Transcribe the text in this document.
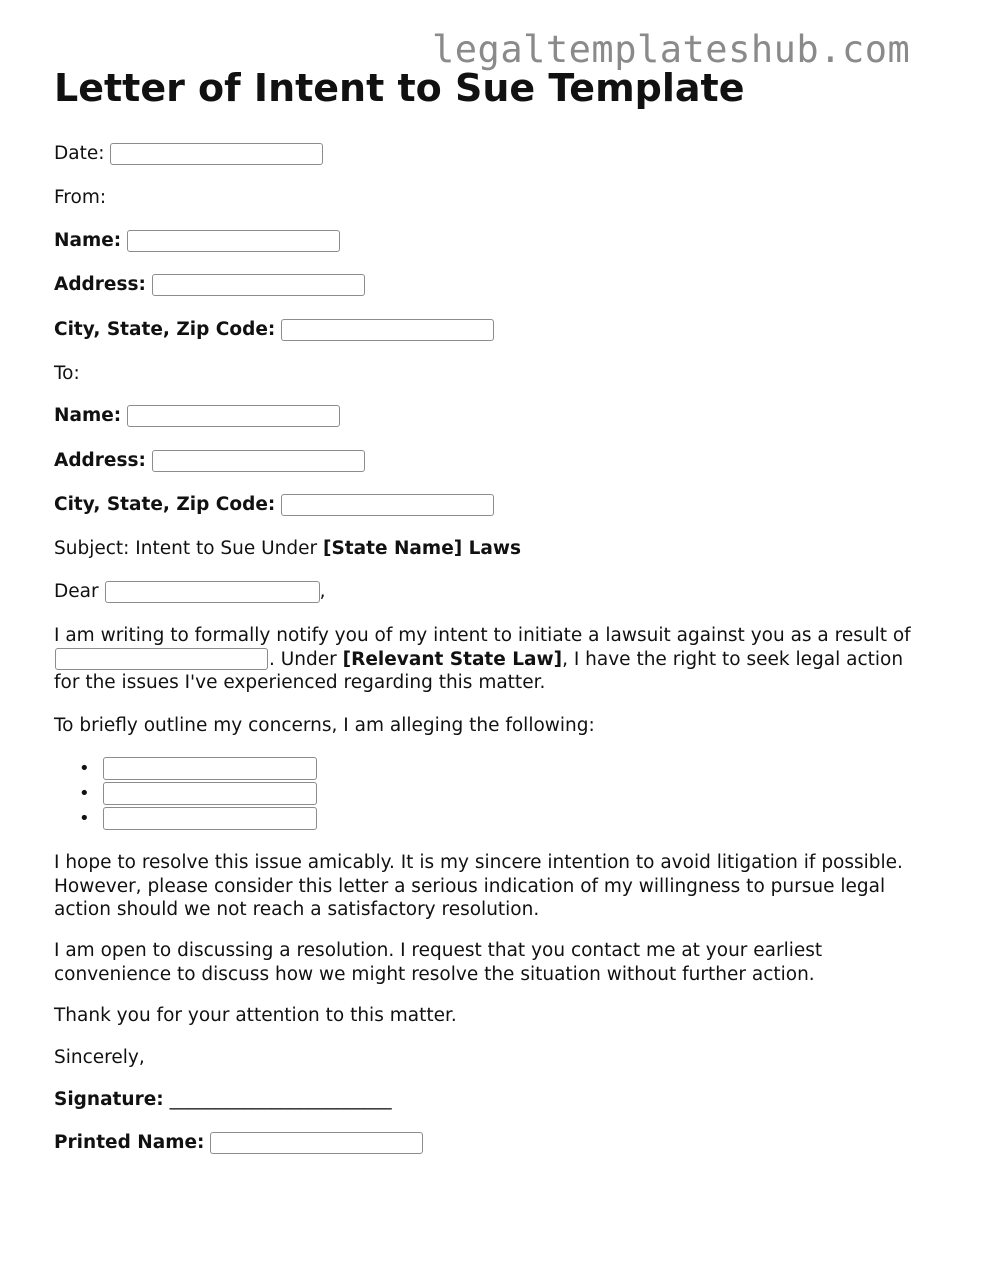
legaltemplateshub.com
Letter of Intent to Sue Template
Date:
From:
Name:
Address:
City, State, Zip Code:
To:
Name:
Address:
City, State, Zip Code:
Subject: Intent to Sue Under [State Name] Laws
Dear	,

I am writing to formally notify you of my intent to initiate a lawsuit against you as a result of . Under [Relevant State Law], I have the right to seek legal action for the issues I've experienced regarding this matter.

To briefly outline my concerns, I am alleging the following:

•
•
•

I hope to resolve this issue amicably. It is my sincere intention to avoid litigation if possible. However, please consider this letter a serious indication of my willingness to pursue legal action should we not reach a satisfactory resolution.

I am open to discussing a resolution. I request that you contact me at your earliest convenience to discuss how we might resolve the situation without further action.

Thank you for your attention to this matter.

Sincerely,

Signature: ________________________
Printed Name:
